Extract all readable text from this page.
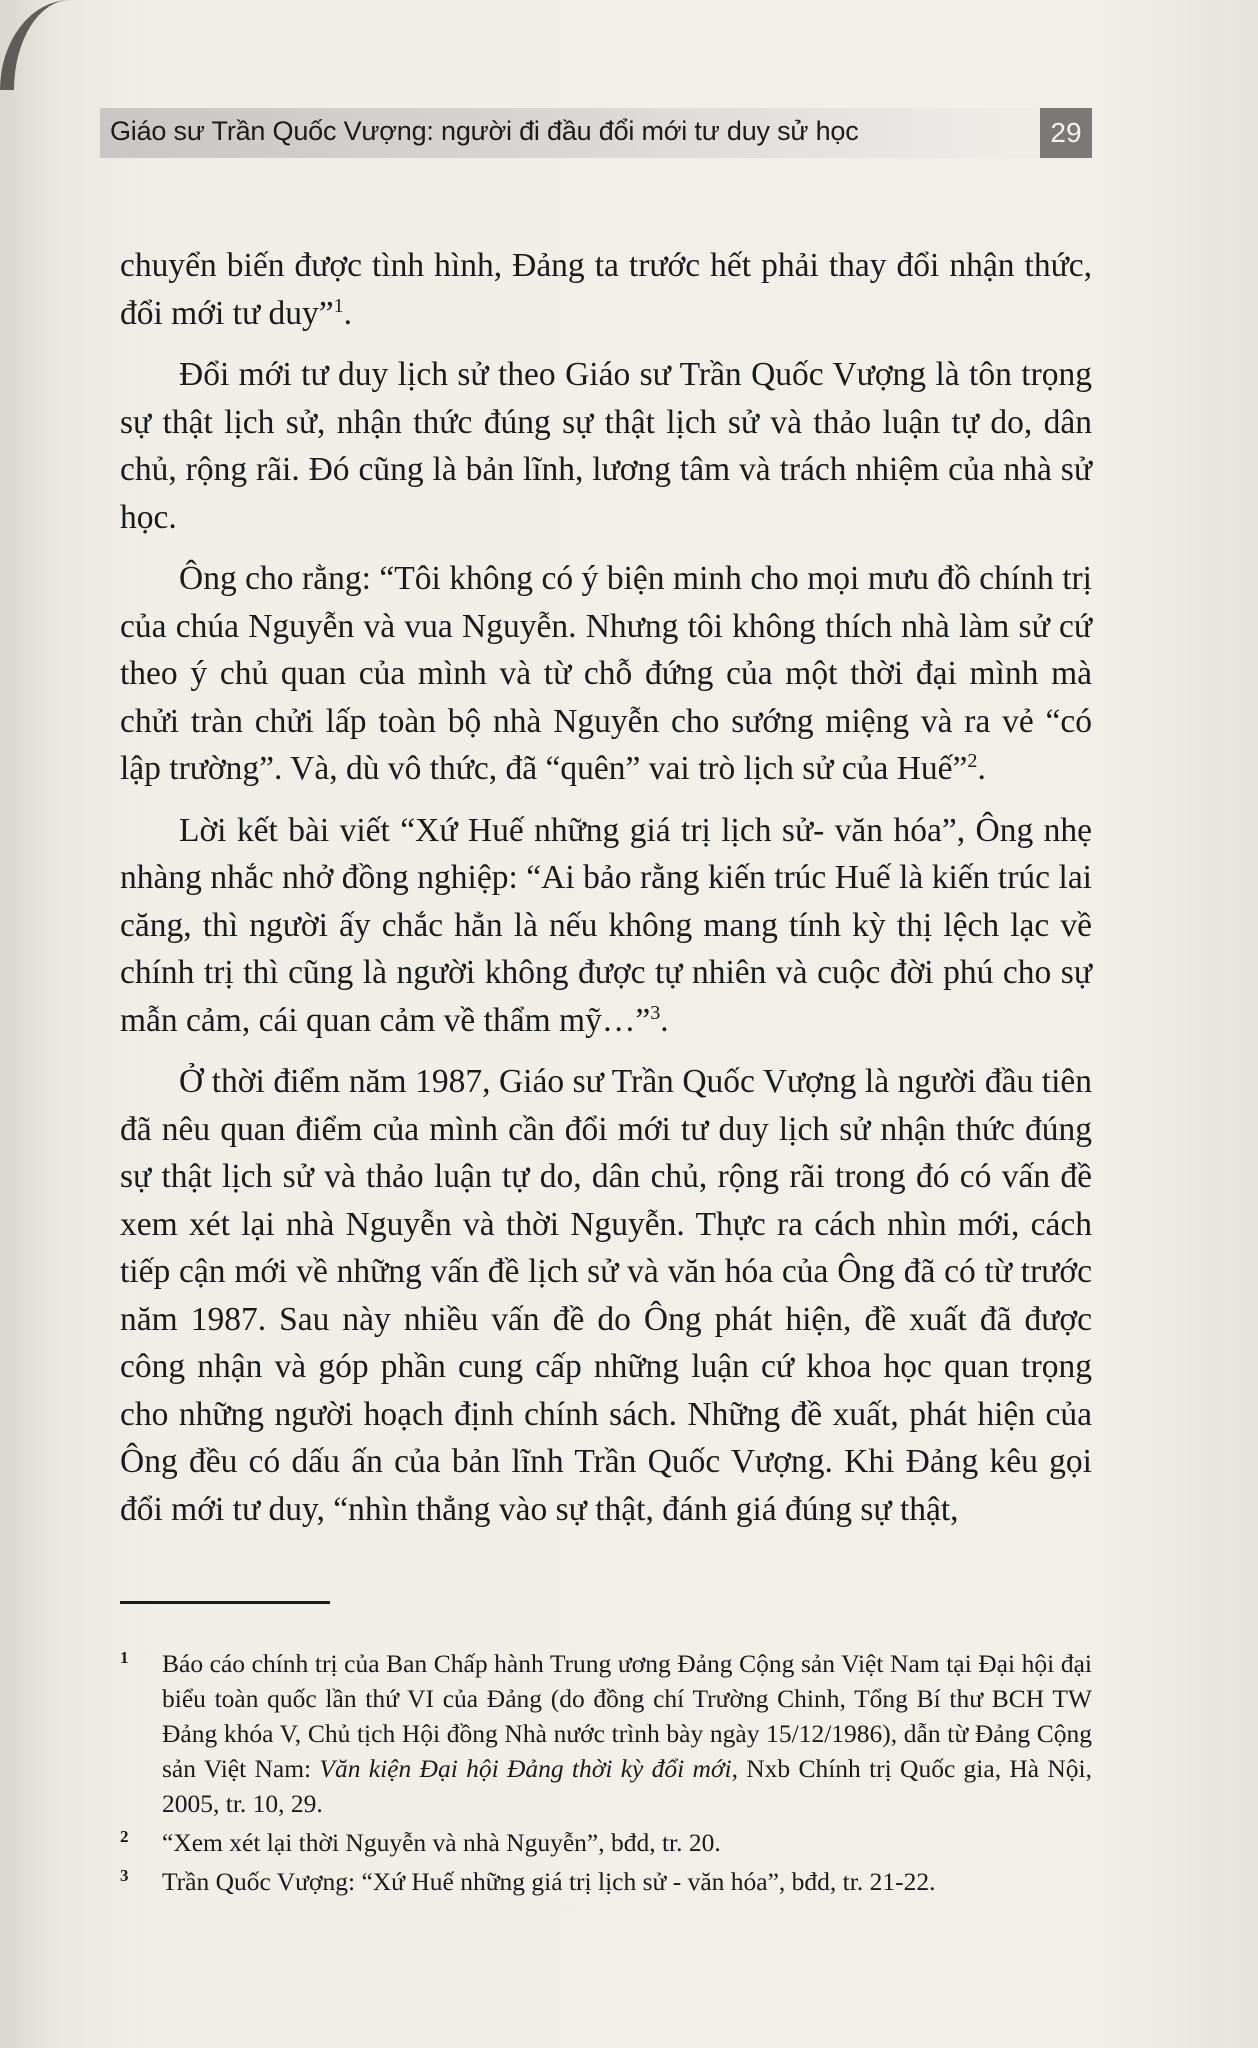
Giáo sư Trần Quốc Vượng: người đi đầu đổi mới tư duy sử học	29

chuyển biến được tình hình, Đảng ta trước hết phải thay đổi nhận thức, đổi mới tư duy”$^1$.

Đổi mới tư duy lịch sử theo Giáo sư Trần Quốc Vượng là tôn trọng sự thật lịch sử, nhận thức đúng sự thật lịch sử và thảo luận tự do, dân chủ, rộng rãi. Đó cũng là bản lĩnh, lương tâm và trách nhiệm của nhà sử học.

Ông cho rằng: “Tôi không có ý biện minh cho mọi mưu đồ chính trị của chúa Nguyễn và vua Nguyễn. Nhưng tôi không thích nhà làm sử cứ theo ý chủ quan của mình và từ chỗ đứng của một thời đại mình mà chửi tràn chửi lấp toàn bộ nhà Nguyễn cho sướng miệng và ra vẻ “có lập trường”. Và, dù vô thức, đã “quên” vai trò lịch sử của Huế”$^2$.

Lời kết bài viết “Xứ Huế những giá trị lịch sử- văn hóa”, Ông nhẹ nhàng nhắc nhở đồng nghiệp: “Ai bảo rằng kiến trúc Huế là kiến trúc lai căng, thì người ấy chắc hẳn là nếu không mang tính kỳ thị lệch lạc về chính trị thì cũng là người không được tự nhiên và cuộc đời phú cho sự mẫn cảm, cái quan cảm về thẩm mỹ…”$^3$.

Ở thời điểm năm 1987, Giáo sư Trần Quốc Vượng là người đầu tiên đã nêu quan điểm của mình cần đổi mới tư duy lịch sử nhận thức đúng sự thật lịch sử và thảo luận tự do, dân chủ, rộng rãi trong đó có vấn đề xem xét lại nhà Nguyễn và thời Nguyễn. Thực ra cách nhìn mới, cách tiếp cận mới về những vấn đề lịch sử và văn hóa của Ông đã có từ trước năm 1987. Sau này nhiều vấn đề do Ông phát hiện, đề xuất đã được công nhận và góp phần cung cấp những luận cứ khoa học quan trọng cho những người hoạch định chính sách. Những đề xuất, phát hiện của Ông đều có dấu ấn của bản lĩnh Trần Quốc Vượng. Khi Đảng kêu gọi đổi mới tư duy, “nhìn thẳng vào sự thật, đánh giá đúng sự thật,

1	Báo cáo chính trị của Ban Chấp hành Trung ương Đảng Cộng sản Việt Nam tại Đại hội đại biểu toàn quốc lần thứ VI của Đảng (do đồng chí Trường Chinh, Tổng Bí thư BCH TW Đảng khóa V, Chủ tịch Hội đồng Nhà nước trình bày ngày 15/12/1986), dẫn từ Đảng Cộng sản Việt Nam: Văn kiện Đại hội Đảng thời kỳ đổi mới, Nxb Chính trị Quốc gia, Hà Nội, 2005, tr. 10, 29.
2	“Xem xét lại thời Nguyễn và nhà Nguyễn”, bđd, tr. 20.
3	Trần Quốc Vượng: “Xứ Huế những giá trị lịch sử - văn hóa”, bđd, tr. 21-22.
